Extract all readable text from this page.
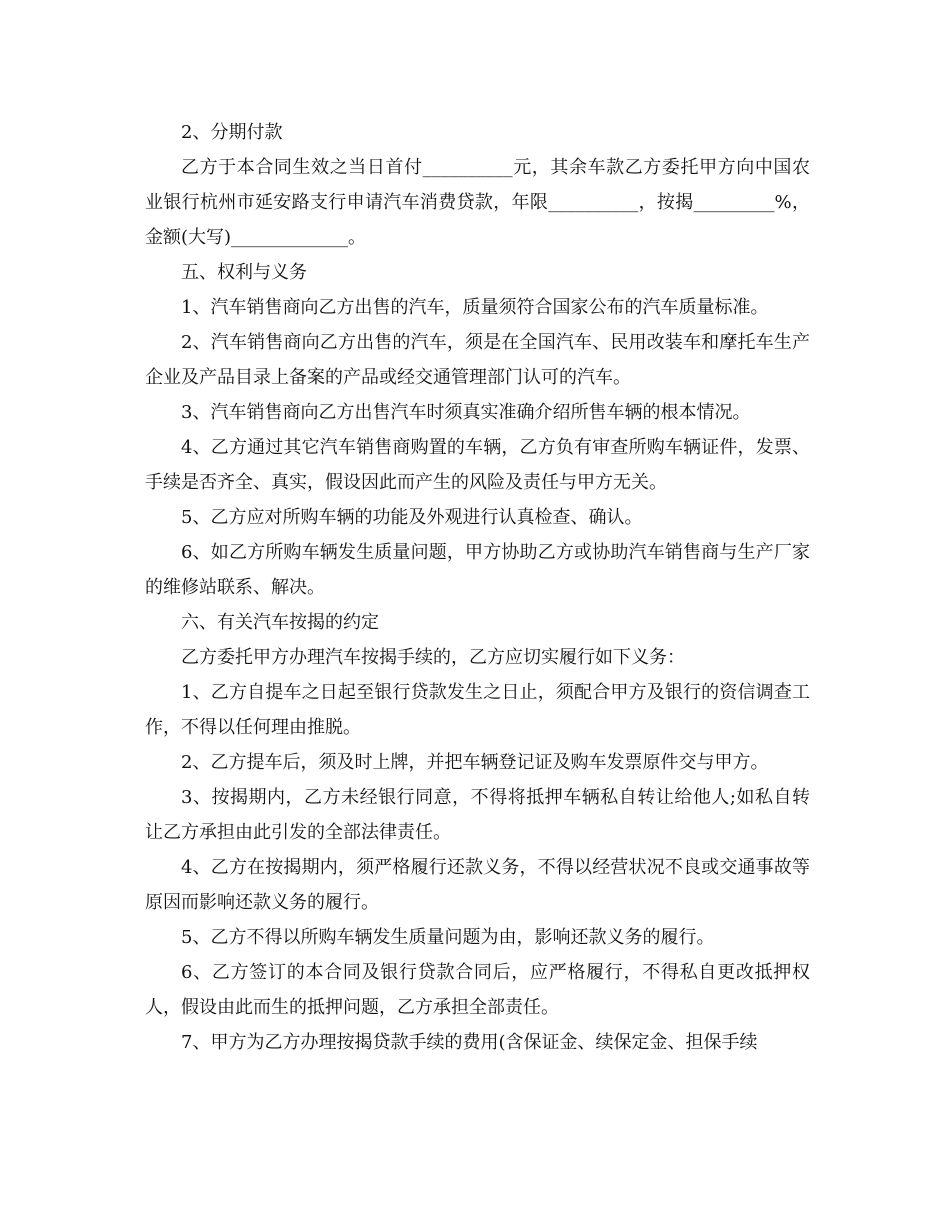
2、分期付款

乙方于本合同生效之当日首付__________元，其余车款乙方委托甲方向中国农业银行杭州市延安路支行申请汽车消费贷款，年限__________，按揭_________%，金额(大写)_____________。

五、权利与义务

1、汽车销售商向乙方出售的汽车，质量须符合国家公布的汽车质量标准。

2、汽车销售商向乙方出售的汽车，须是在全国汽车、民用改装车和摩托车生产企业及产品目录上备案的产品或经交通管理部门认可的汽车。

3、汽车销售商向乙方出售汽车时须真实准确介绍所售车辆的根本情况。

4、乙方通过其它汽车销售商购置的车辆，乙方负有审查所购车辆证件，发票、手续是否齐全、真实，假设因此而产生的风险及责任与甲方无关。

5、乙方应对所购车辆的功能及外观进行认真检查、确认。

6、如乙方所购车辆发生质量问题，甲方协助乙方或协助汽车销售商与生产厂家的维修站联系、解决。

六、有关汽车按揭的约定

乙方委托甲方办理汽车按揭手续的，乙方应切实履行如下义务：

1、乙方自提车之日起至银行贷款发生之日止，须配合甲方及银行的资信调查工作，不得以任何理由推脱。

2、乙方提车后，须及时上牌，并把车辆登记证及购车发票原件交与甲方。

3、按揭期内，乙方未经银行同意，不得将抵押车辆私自转让给他人;如私自转让乙方承担由此引发的全部法律责任。

4、乙方在按揭期内，须严格履行还款义务，不得以经营状况不良或交通事故等原因而影响还款义务的履行。

5、乙方不得以所购车辆发生质量问题为由，影响还款义务的履行。

6、乙方签订的本合同及银行贷款合同后，应严格履行，不得私自更改抵押权人，假设由此而生的抵押问题，乙方承担全部责任。

7、甲方为乙方办理按揭贷款手续的费用(含保证金、续保定金、担保手续
